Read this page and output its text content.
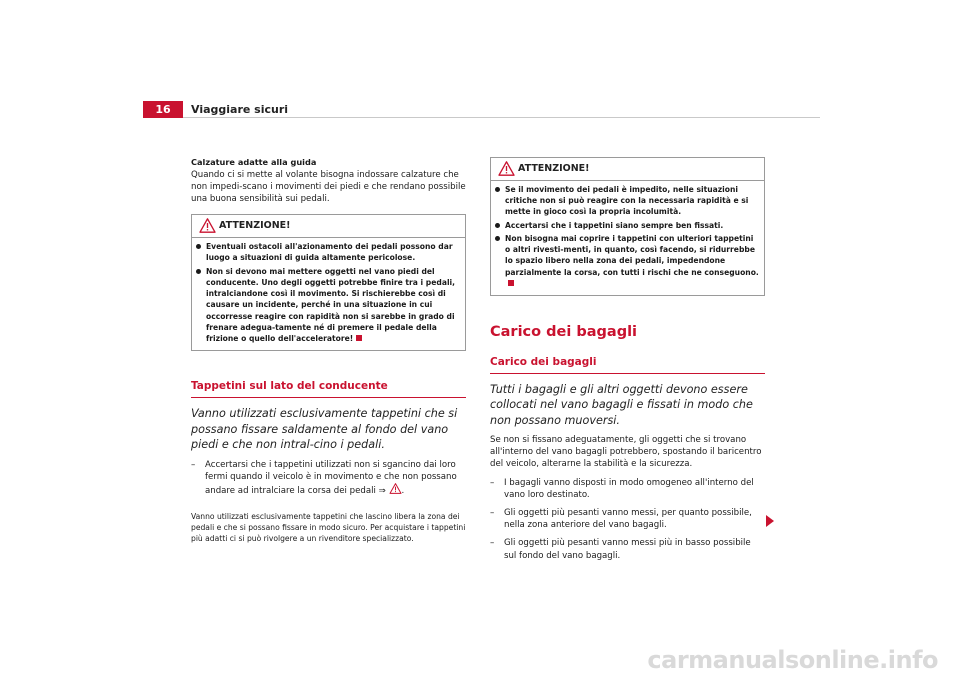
16	Viaggiare sicuri

Calzature adatte alla guida

Quando ci si mette al volante bisogna indossare calzature che non impedi-scano i movimenti dei piedi e che rendano possibile una buona sensibilità sui pedali.

ATTENZIONE!

Eventuali ostacoli all'azionamento dei pedali possono dar luogo a situazioni di guida altamente pericolose.

Non si devono mai mettere oggetti nel vano piedi del conducente. Uno degli oggetti potrebbe finire tra i pedali, intralciandone così il movimento. Si rischierebbe così di causare un incidente, perché in una situazione in cui occorresse reagire con rapidità non si sarebbe in grado di frenare adegua-tamente né di premere il pedale della frizione o quello dell'acceleratore!

Tappetini sul lato del conducente

Vanno utilizzati esclusivamente tappetini che si possano fissare saldamente al fondo del vano piedi e che non intral-cino i pedali.

– Accertarsi che i tappetini utilizzati non si sgancino dai loro fermi quando il veicolo è in movimento e che non possano andare ad intralciare la corsa dei pedali ⇒ .

Vanno utilizzati esclusivamente tappetini che lascino libera la zona dei pedali e che si possano fissare in modo sicuro. Per acquistare i tappetini più adatti ci si può rivolgere a un rivenditore specializzato.

ATTENZIONE!

Se il movimento dei pedali è impedito, nelle situazioni critiche non si può reagire con la necessaria rapidità e si mette in gioco così la propria incolumità.

Accertarsi che i tappetini siano sempre ben fissati.

Non bisogna mai coprire i tappetini con ulteriori tappetini o altri rivesti-menti, in quanto, così facendo, si ridurrebbe lo spazio libero nella zona dei pedali, impedendone parzialmente la corsa, con tutti i rischi che ne conseguono.

Carico dei bagagli
Carico dei bagagli

Tutti i bagagli e gli altri oggetti devono essere collocati nel vano bagagli e fissati in modo che non possano muoversi.

Se non si fissano adeguatamente, gli oggetti che si trovano all'interno del vano bagagli potrebbero, spostando il baricentro del veicolo, alterarne la stabilità e la sicurezza.

– I bagagli vanno disposti in modo omogeneo all'interno del vano loro destinato.

– Gli oggetti più pesanti vanno messi, per quanto possibile, nella zona anteriore del vano bagagli.

– Gli oggetti più pesanti vanno messi più in basso possibile sul fondo del vano bagagli.

carmanualsonline.info
